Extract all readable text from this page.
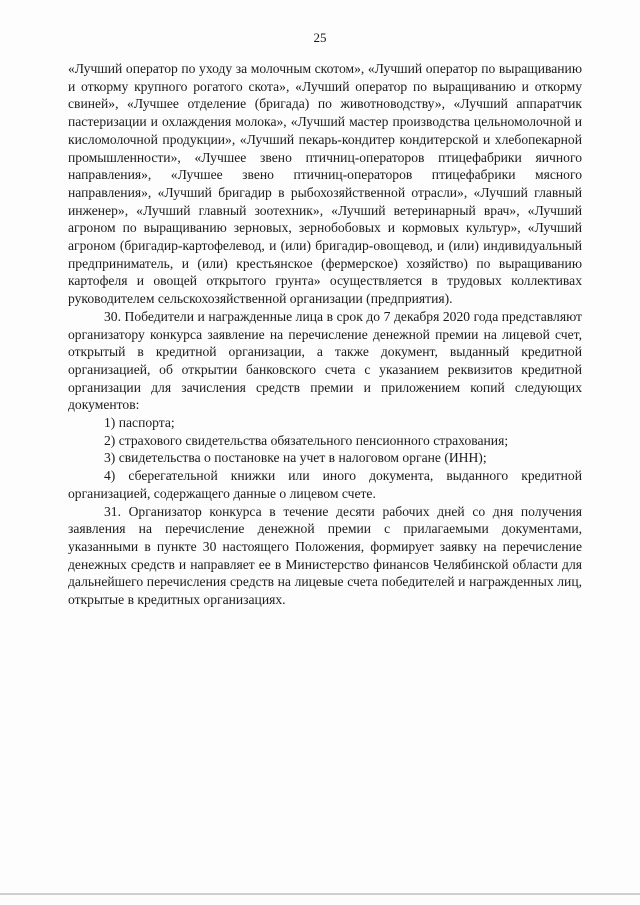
25

«Лучший оператор по уходу за молочным скотом», «Лучший оператор по выращиванию и откорму крупного рогатого скота», «Лучший оператор по выращиванию и откорму свиней», «Лучшее отделение (бригада) по животноводству», «Лучший аппаратчик пастеризации и охлаждения молока», «Лучший мастер производства цельномолочной и кисломолочной продукции», «Лучший пекарь-кондитер кондитерской и хлебопекарной промышленности», «Лучшее звено птичниц-операторов птицефабрики яичного направления», «Лучшее звено птичниц-операторов птицефабрики мясного направления», «Лучший бригадир в рыбохозяйственной отрасли», «Лучший главный инженер», «Лучший главный зоотехник», «Лучший ветеринарный врач», «Лучший агроном по выращиванию зерновых, зернобобовых и кормовых культур», «Лучший агроном (бригадир-картофелевод, и (или) бригадир-овощевод, и (или) индивидуальный предприниматель, и (или) крестьянское (фермерское) хозяйство) по выращиванию картофеля и овощей открытого грунта» осуществляется в трудовых коллективах руководителем сельскохозяйственной организации (предприятия).

30. Победители и награжденные лица в срок до 7 декабря 2020 года представляют организатору конкурса заявление на перечисление денежной премии на лицевой счет, открытый в кредитной организации, а также документ, выданный кредитной организацией, об открытии банковского счета с указанием реквизитов кредитной организации для зачисления средств премии и приложением копий следующих документов:

1) паспорта;

2) страхового свидетельства обязательного пенсионного страхования;

3) свидетельства о постановке на учет в налоговом органе (ИНН);

4) сберегательной книжки или иного документа, выданного кредитной организацией, содержащего данные о лицевом счете.

31. Организатор конкурса в течение десяти рабочих дней со дня получения заявления на перечисление денежной премии с прилагаемыми документами, указанными в пункте 30 настоящего Положения, формирует заявку на перечисление денежных средств и направляет ее в Министерство финансов Челябинской области для дальнейшего перечисления средств на лицевые счета победителей и награжденных лиц, открытые в кредитных организациях.
